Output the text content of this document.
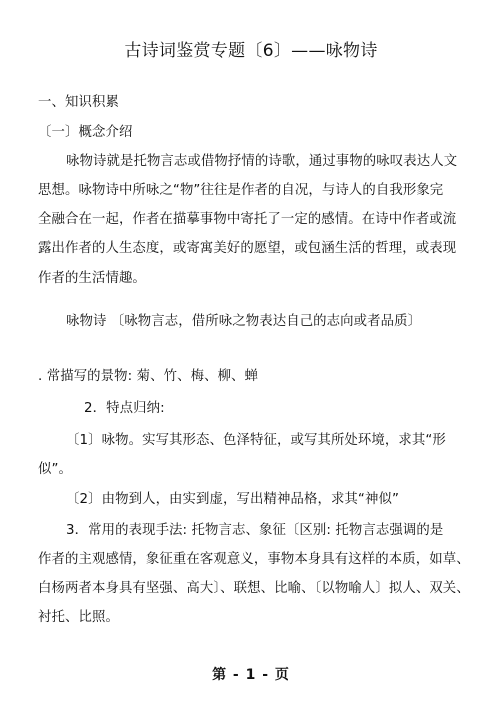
古诗词鉴赏专题〔6〕——咏物诗
一、知识积累
〔一〕概念介绍
咏物诗就是托物言志或借物抒情的诗歌，通过事物的咏叹表达人文
思想。咏物诗中所咏之“物”往往是作者的自况，与诗人的自我形象完
全融合在一起，作者在描摹事物中寄托了一定的感情。在诗中作者或流
露出作者的人生态度，或寄寓美好的愿望，或包涵生活的哲理，或表现
作者的生活情趣。
咏物诗 〔咏物言志，借所咏之物表达自己的志向或者品质〕
. 常描写的景物: 菊、竹、梅、柳、蝉
2．特点归纳:
〔1〕咏物。实写其形态、色泽特征，或写其所处环境，求其“形
似”。
〔2〕由物到人，由实到虚，写出精神品格，求其“神似”
3．常用的表现手法: 托物言志、象征〔区别: 托物言志强调的是
作者的主观感情，象征重在客观意义，事物本身具有这样的本质，如草、
白杨两者本身具有坚强、高大〕、联想、比喻、〔以物喻人〕拟人、双关、
衬托、比照。
第 - 1 - 页
